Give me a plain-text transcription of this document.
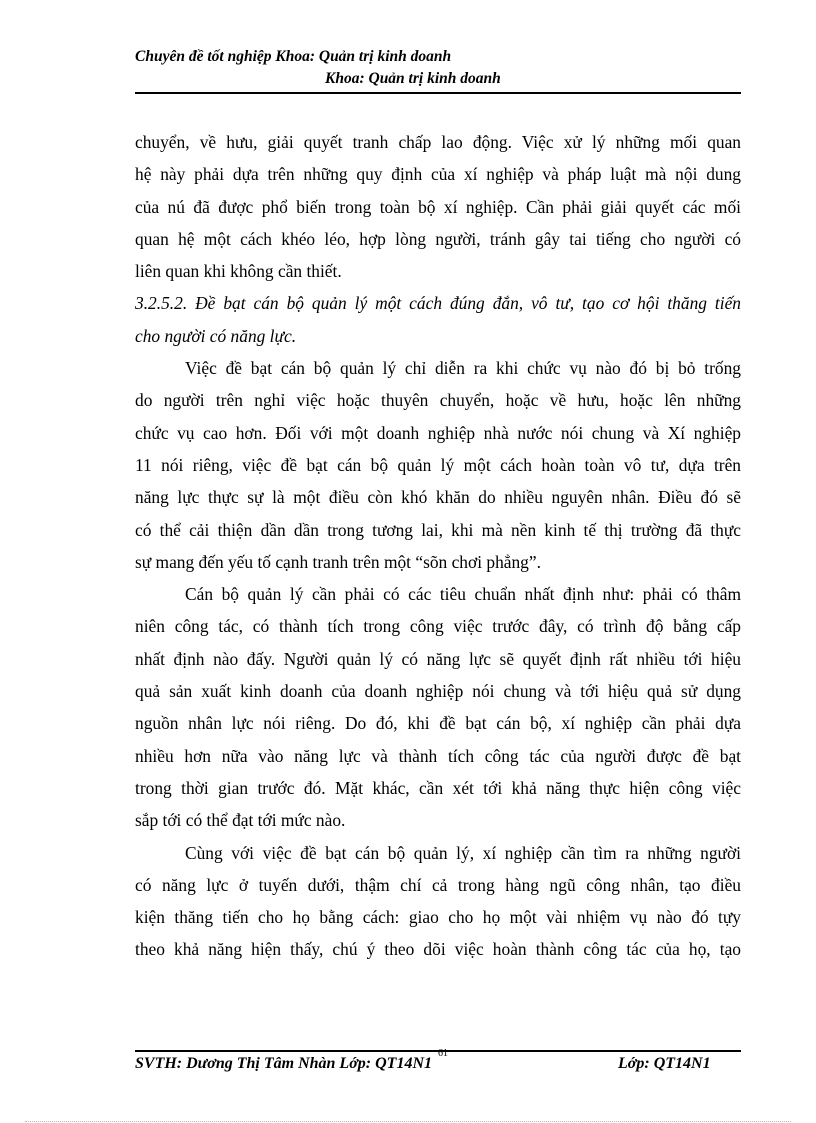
Chuyên đề tốt nghiệp Khoa: Quản trị kinh doanh
Khoa: Quản trị kinh doanh
chuyển, về hưu, giải quyết tranh chấp lao động. Việc xử lý những mối quan
hệ này phải dựa trên những quy định của xí nghiệp và pháp luật mà nội dung
của nú đã được phổ biến trong toàn bộ xí nghiệp. Cần phải giải quyết các mối
quan hệ một cách khéo léo, hợp lòng người, tránh gây tai tiếng cho người có
liên quan khi không cần thiết.
3.2.5.2. Đề bạt cán bộ quản lý một cách đúng đắn, vô tư, tạo cơ hội thăng tiến
cho người có năng lực.
Việc đề bạt cán bộ quản lý chỉ diễn ra khi chức vụ nào đó bị bỏ trống
do người trên nghỉ việc hoặc thuyên chuyển, hoặc về hưu, hoặc lên những
chức vụ cao hơn. Đối với một doanh nghiệp nhà nước nói chung và Xí nghiệp
11 nói riêng, việc đề bạt cán bộ quản lý một cách hoàn toàn vô tư, dựa trên
năng lực thực sự là một điều còn khó khăn do nhiều nguyên nhân. Điều đó sẽ
có thể cải thiện dần dần trong tương lai, khi mà nền kinh tế thị trường đã thực
sự mang đến yếu tố cạnh tranh trên một “sõn chơi phẳng”.
Cán bộ quản lý cần phải có các tiêu chuẩn nhất định như: phải có thâm
niên công tác, có thành tích trong công việc trước đây, có trình độ bằng cấp
nhất định nào đấy. Người quản lý có năng lực sẽ quyết định rất nhiều tới hiệu
quả sản xuất kinh doanh của doanh nghiệp nói chung và tới hiệu quả sử dụng
nguồn nhân lực nói riêng. Do đó, khi đề bạt cán bộ, xí nghiệp cần phải dựa
nhiều hơn nữa vào năng lực và thành tích công tác của người được đề bạt
trong thời gian trước đó. Mặt khác, cần xét tới khả năng thực hiện công việc
sắp tới có thể đạt tới mức nào.
Cùng với việc đề bạt cán bộ quản lý, xí nghiệp cần tìm ra những người
có năng lực ở tuyến dưới, thậm chí cả trong hàng ngũ công nhân, tạo điều
kiện thăng tiến cho họ bằng cách: giao cho họ một vài nhiệm vụ nào đó tựy
theo khả năng hiện thấy, chú ý theo dõi việc hoàn thành công tác của họ, tạo
SVTH: Dương Thị Tâm Nhàn Lớp: QT14N1	Lớp: QT14N1
61
